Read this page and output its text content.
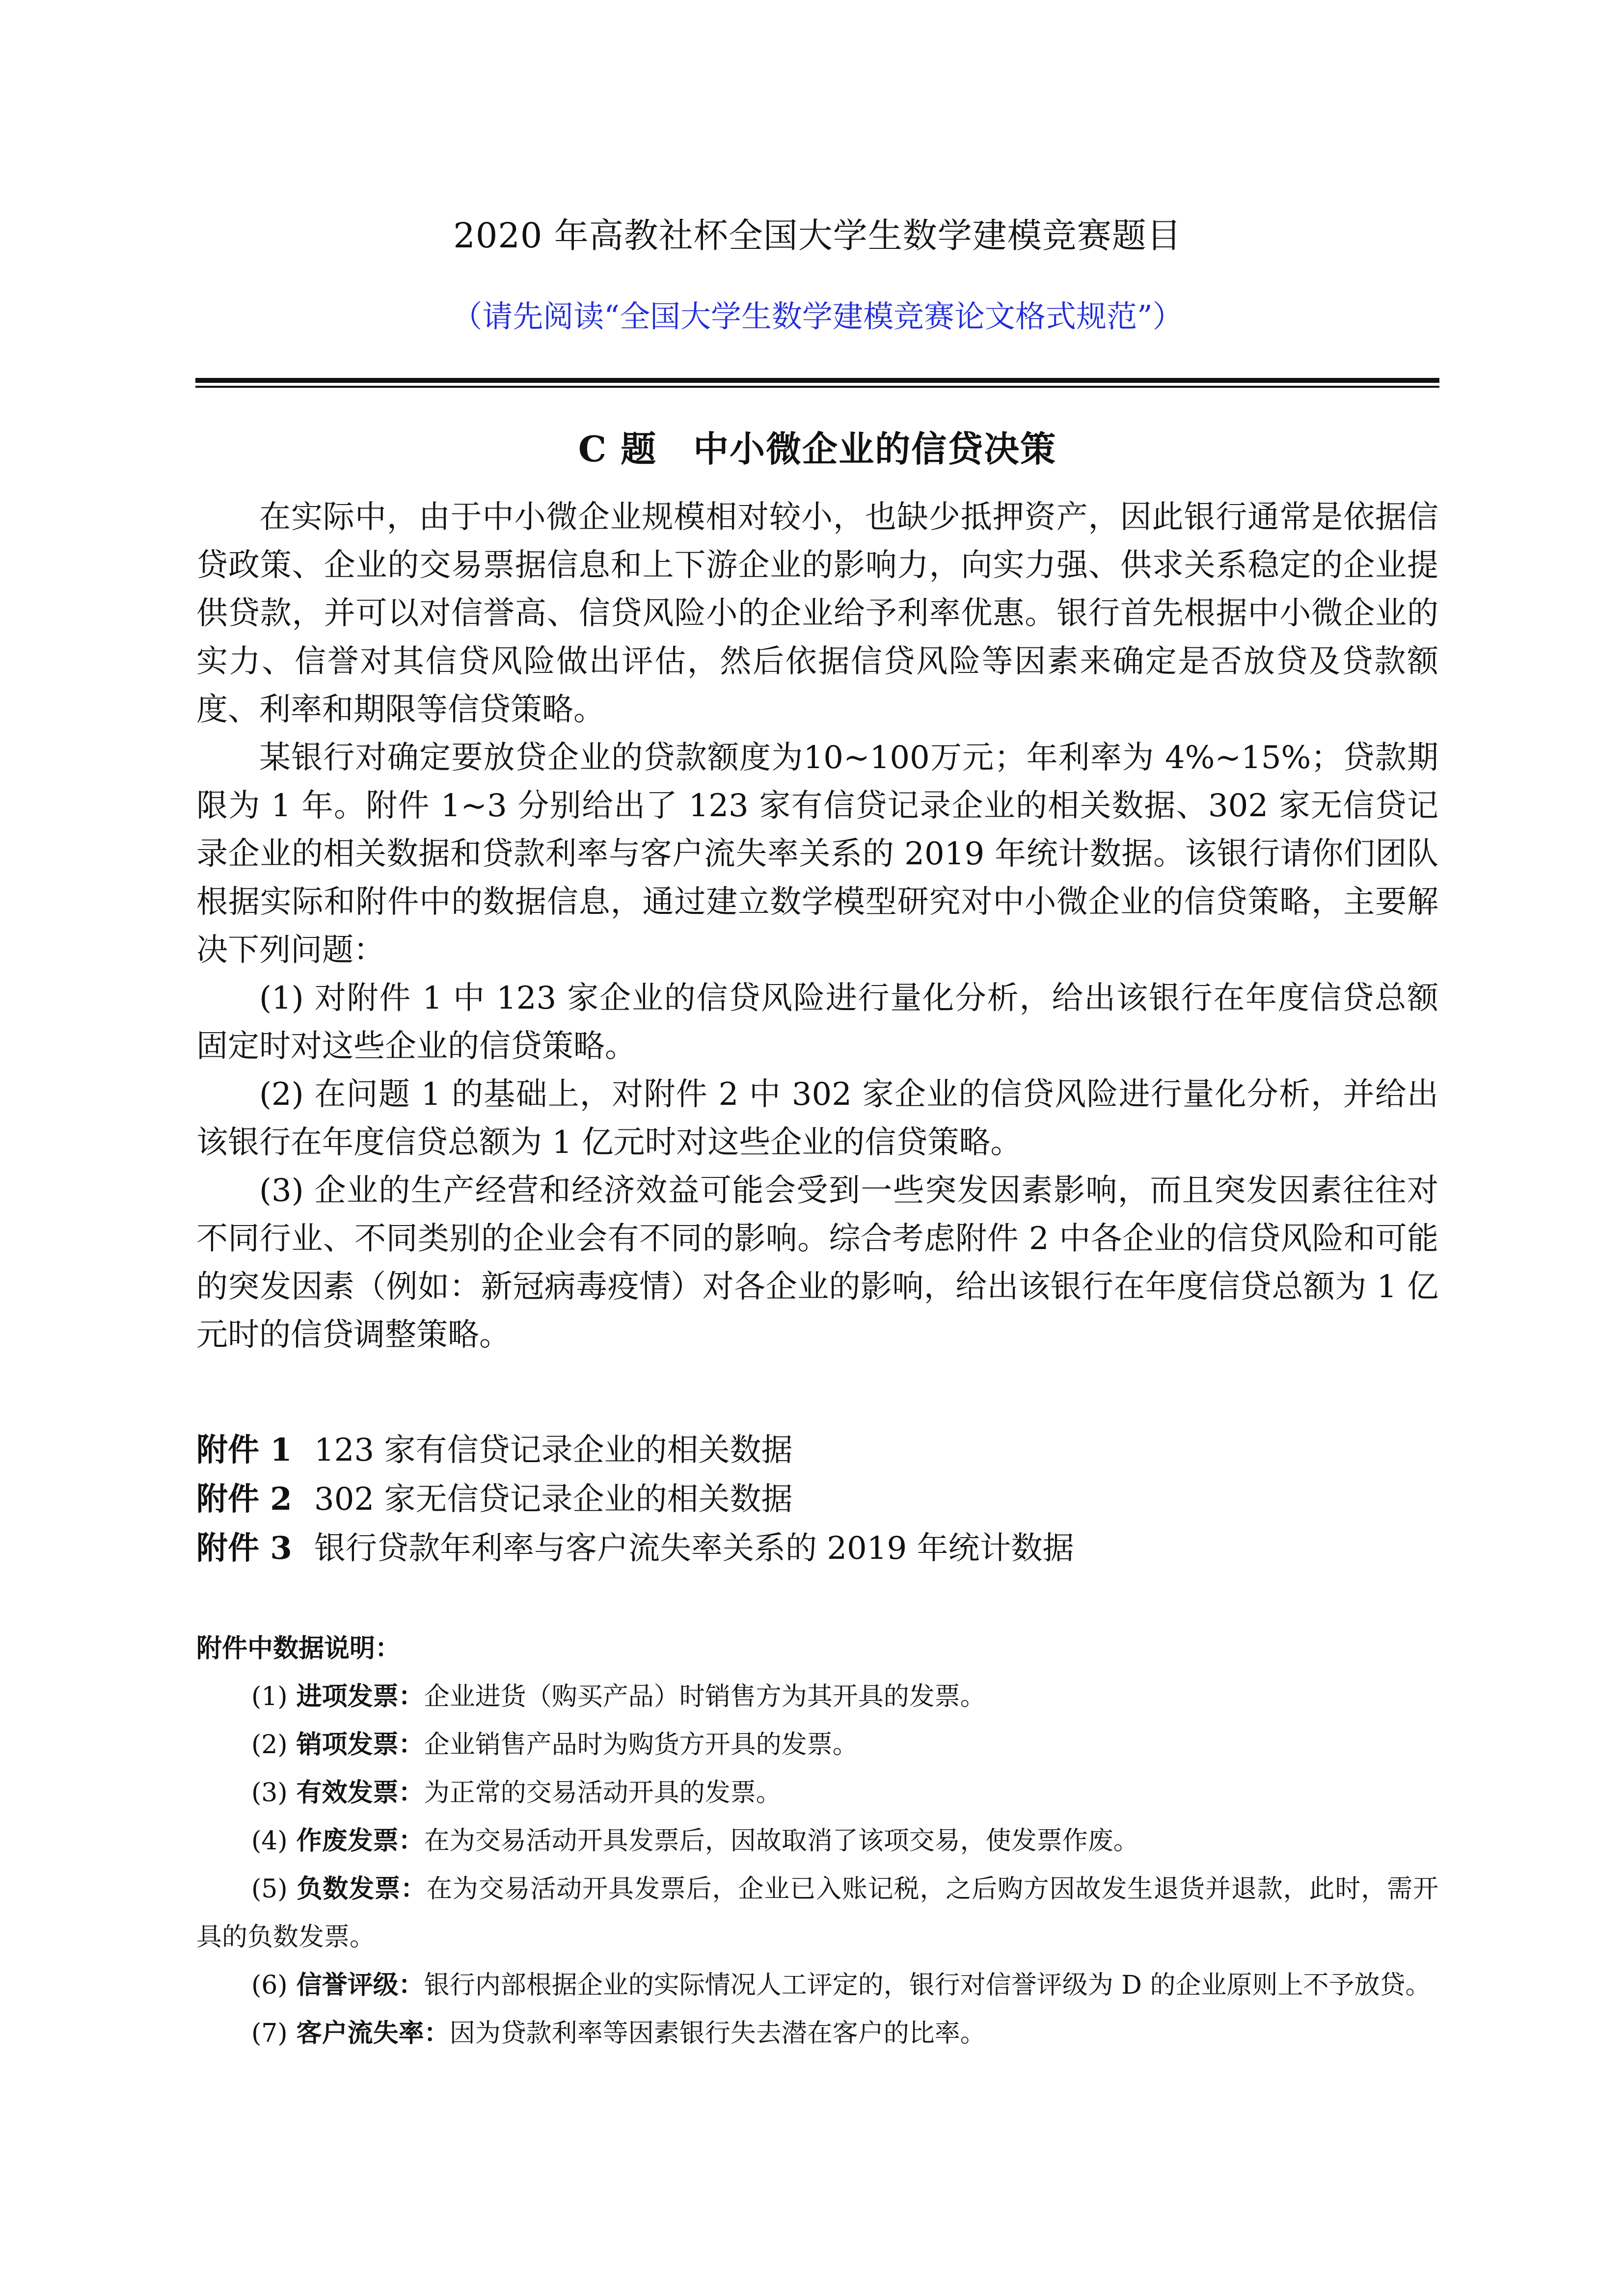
2020 年高教社杯全国大学生数学建模竞赛题目
（请先阅读“全国大学生数学建模竞赛论文格式规范”）
C 题　中小微企业的信贷决策

在实际中，由于中小微企业规模相对较小，也缺少抵押资产，因此银行通常是依据信贷政策、企业的交易票据信息和上下游企业的影响力，向实力强、供求关系稳定的企业提供贷款，并可以对信誉高、信贷风险小的企业给予利率优惠。银行首先根据中小微企业的实力、信誉对其信贷风险做出评估，然后依据信贷风险等因素来确定是否放贷及贷款额度、利率和期限等信贷策略。

某银行对确定要放贷企业的贷款额度为10~100万元；年利率为 4%~15%；贷款期限为 1 年。附件 1~3 分别给出了 123 家有信贷记录企业的相关数据、302 家无信贷记录企业的相关数据和贷款利率与客户流失率关系的 2019 年统计数据。该银行请你们团队根据实际和附件中的数据信息，通过建立数学模型研究对中小微企业的信贷策略，主要解决下列问题：

(1) 对附件 1 中 123 家企业的信贷风险进行量化分析，给出该银行在年度信贷总额固定时对这些企业的信贷策略。

(2) 在问题 1 的基础上，对附件 2 中 302 家企业的信贷风险进行量化分析，并给出该银行在年度信贷总额为 1 亿元时对这些企业的信贷策略。

(3) 企业的生产经营和经济效益可能会受到一些突发因素影响，而且突发因素往往对不同行业、不同类别的企业会有不同的影响。综合考虑附件 2 中各企业的信贷风险和可能的突发因素（例如：新冠病毒疫情）对各企业的影响，给出该银行在年度信贷总额为 1 亿元时的信贷调整策略。

附件 1 123 家有信贷记录企业的相关数据
附件 2 302 家无信贷记录企业的相关数据
附件 3 银行贷款年利率与客户流失率关系的 2019 年统计数据
附件中数据说明：

(1) 进项发票：企业进货（购买产品）时销售方为其开具的发票。

(2) 销项发票：企业销售产品时为购货方开具的发票。

(3) 有效发票：为正常的交易活动开具的发票。

(4) 作废发票：在为交易活动开具发票后，因故取消了该项交易，使发票作废。

(5) 负数发票：在为交易活动开具发票后，企业已入账记税，之后购方因故发生退货并退款，此时，需开具的负数发票。

(6) 信誉评级：银行内部根据企业的实际情况人工评定的，银行对信誉评级为 D 的企业原则上不予放贷。

(7) 客户流失率：因为贷款利率等因素银行失去潜在客户的比率。
